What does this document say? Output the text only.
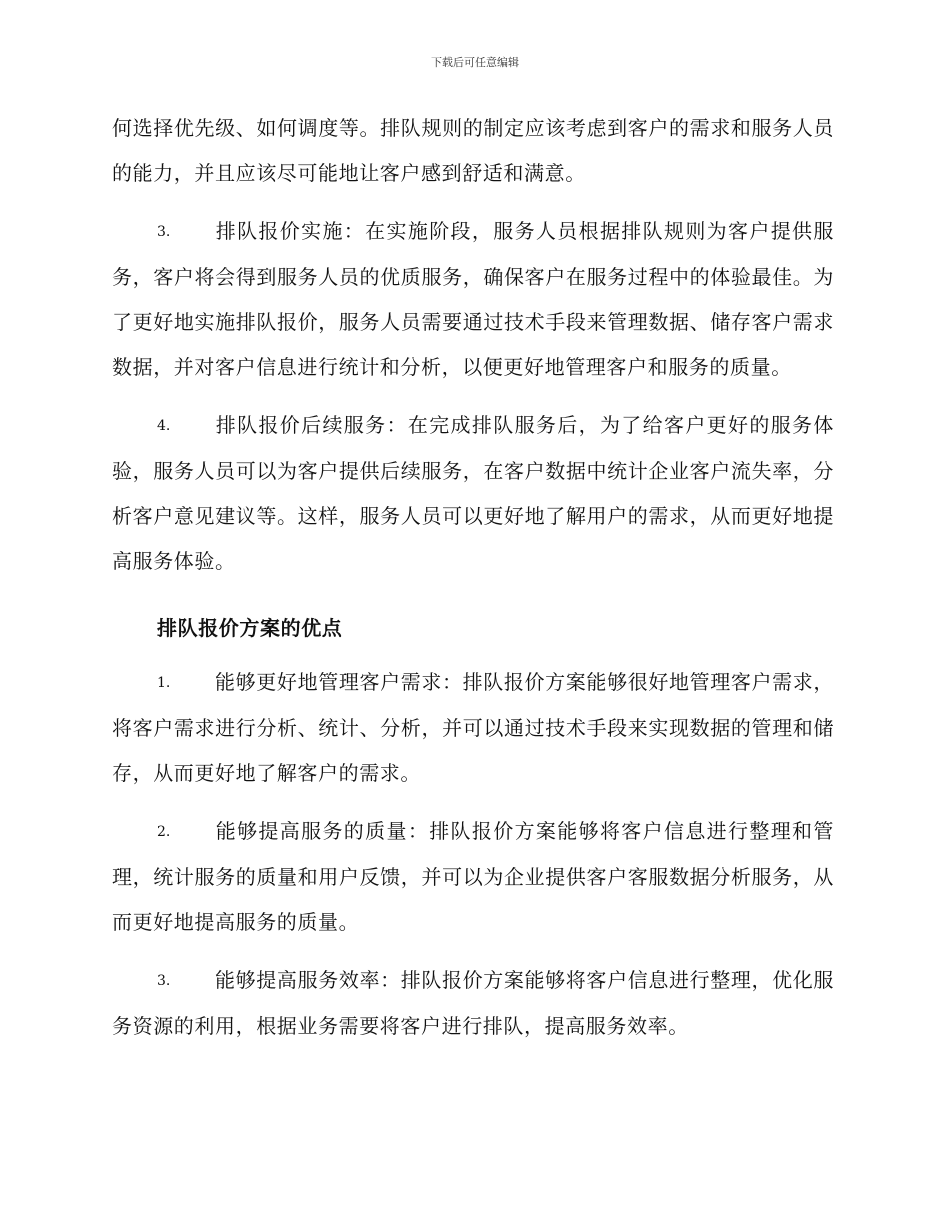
下载后可任意编辑

何选择优先级、如何调度等。排队规则的制定应该考虑到客户的需求和服务人员的能力，并且应该尽可能地让客户感到舒适和满意。

3. 排队报价实施：在实施阶段，服务人员根据排队规则为客户提供服务，客户将会得到服务人员的优质服务，确保客户在服务过程中的体验最佳。为了更好地实施排队报价，服务人员需要通过技术手段来管理数据、储存客户需求数据，并对客户信息进行统计和分析，以便更好地管理客户和服务的质量。

4. 排队报价后续服务：在完成排队服务后，为了给客户更好的服务体验，服务人员可以为客户提供后续服务，在客户数据中统计企业客户流失率，分析客户意见建议等。这样，服务人员可以更好地了解用户的需求，从而更好地提高服务体验。

排队报价方案的优点

1. 能够更好地管理客户需求：排队报价方案能够很好地管理客户需求，将客户需求进行分析、统计、分析，并可以通过技术手段来实现数据的管理和储存，从而更好地了解客户的需求。

2. 能够提高服务的质量：排队报价方案能够将客户信息进行整理和管理，统计服务的质量和用户反馈，并可以为企业提供客户客服数据分析服务，从而更好地提高服务的质量。

3. 能够提高服务效率：排队报价方案能够将客户信息进行整理，优化服务资源的利用，根据业务需要将客户进行排队，提高服务效率。
